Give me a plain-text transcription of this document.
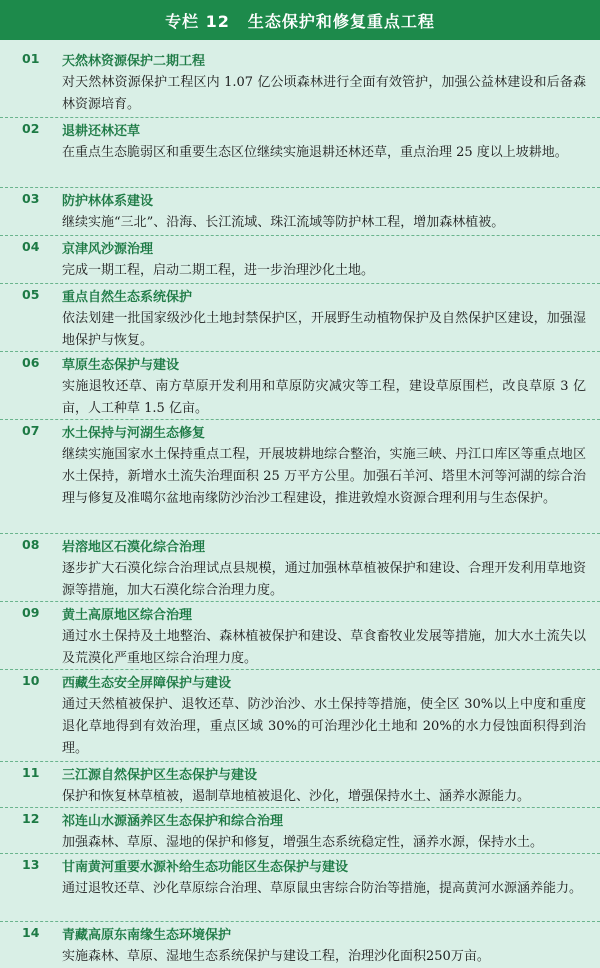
专栏 12 生态保护和修复重点工程
01 天然林资源保护二期工程
对天然林资源保护工程区内 1.07 亿公顷森林进行全面有效管护，加强公益林建设和后备森林资源培育。
02 退耕还林还草
在重点生态脆弱区和重要生态区位继续实施退耕还林还草，重点治理 25 度以上坡耕地。
03 防护林体系建设
继续实施“三北”、沿海、长江流域、珠江流域等防护林工程，增加森林植被。
04 京津风沙源治理
完成一期工程，启动二期工程，进一步治理沙化土地。
05 重点自然生态系统保护
依法划建一批国家级沙化土地封禁保护区，开展野生动植物保护及自然保护区建设，加强湿地保护与恢复。
06 草原生态保护与建设
实施退牧还草、南方草原开发利用和草原防灾减灾等工程，建设草原围栏，改良草原 3 亿亩，人工种草 1.5 亿亩。
07 水土保持与河湖生态修复
继续实施国家水土保持重点工程，开展坡耕地综合整治，实施三峡、丹江口库区等重点地区水土保持，新增水土流失治理面积 25 万平方公里。加强石羊河、塔里木河等河湖的综合治理与修复及准噶尔盆地南缘防沙治沙工程建设，推进敦煌水资源合理利用与生态保护。
08 岩溶地区石漠化综合治理
逐步扩大石漠化综合治理试点县规模，通过加强林草植被保护和建设、合理开发利用草地资源等措施，加大石漠化综合治理力度。
09 黄土高原地区综合治理
通过水土保持及土地整治、森林植被保护和建设、草食畜牧业发展等措施，加大水土流失以及荒漠化严重地区综合治理力度。
10 西藏生态安全屏障保护与建设
通过天然植被保护、退牧还草、防沙治沙、水土保持等措施，使全区 30%以上中度和重度退化草地得到有效治理，重点区域 30%的可治理沙化土地和 20%的水力侵蚀面积得到治理。
11 三江源自然保护区生态保护与建设
保护和恢复林草植被，遏制草地植被退化、沙化，增强保持水土、涵养水源能力。
12 祁连山水源涵养区生态保护和综合治理
加强森林、草原、湿地的保护和修复，增强生态系统稳定性，涵养水源，保持水土。
13 甘南黄河重要水源补给生态功能区生态保护与建设
通过退牧还草、沙化草原综合治理、草原鼠虫害综合防治等措施，提高黄河水源涵养能力。
14 青藏高原东南缘生态环境保护
实施森林、草原、湿地生态系统保护与建设工程，治理沙化面积250万亩。
